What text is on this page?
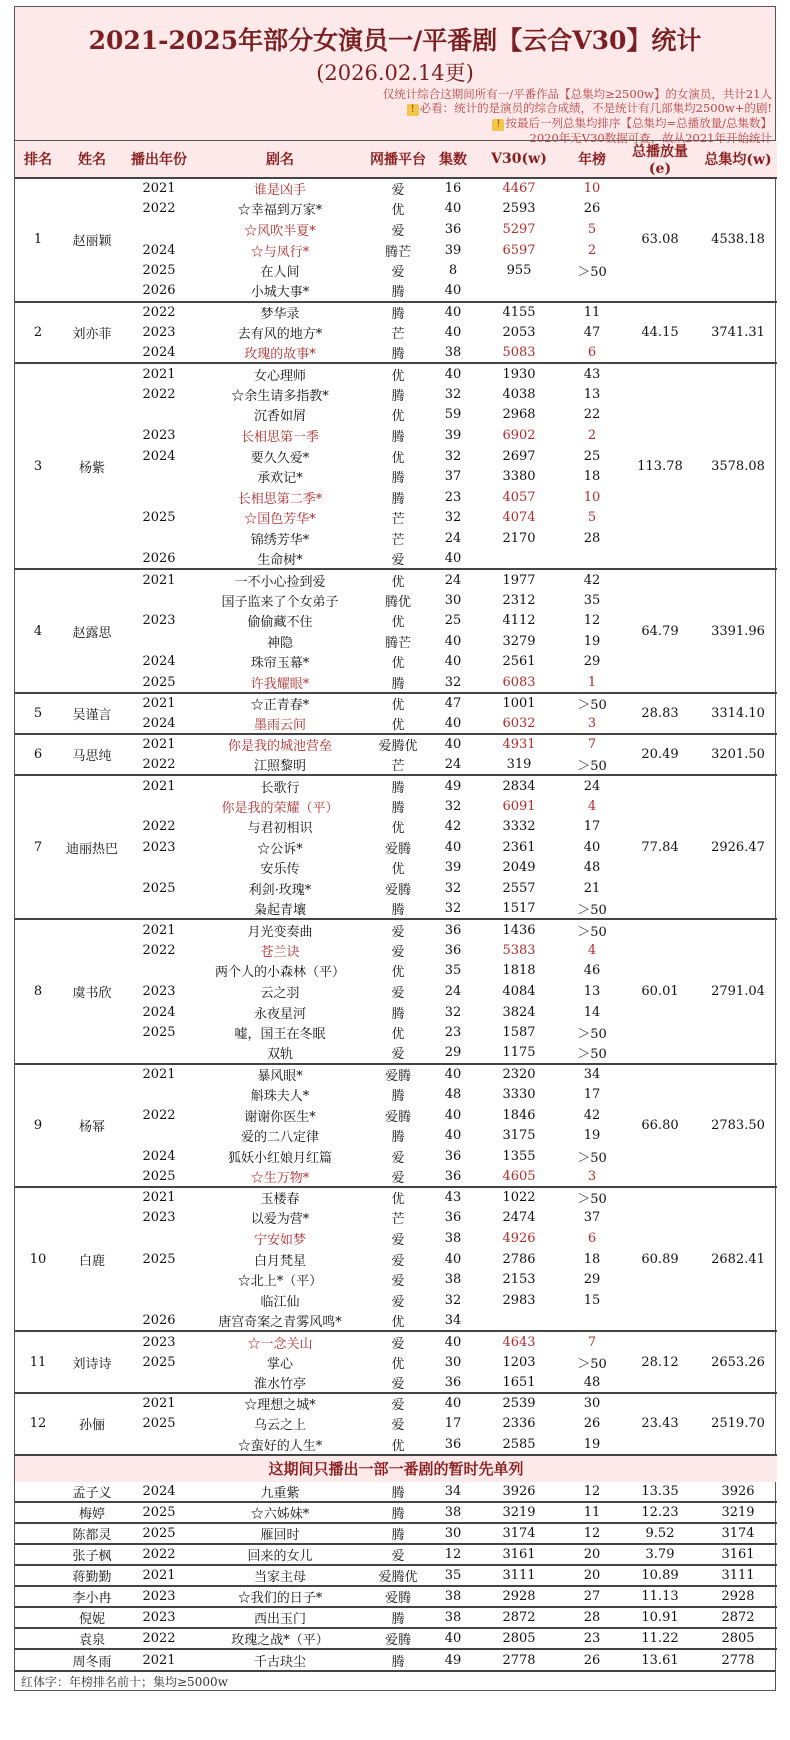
2021-2025年部分女演员一/平番剧【云合V30】统计
(2026.02.14更)
仅统计综合这期间所有一/平番作品【总集均≥2500w】的女演员，共计21人
! 必看：统计的是演员的综合成绩，不是统计有几部集均2500w+的剧!
! 按最后一列总集均排序【总集均=总播放量/总集数】
2020年无V30数据可查，故从2021年开始统计
排名	姓名	播出年份	剧名	网播平台	集数	V30(w)	年榜	总播放量(e)	总集均(w)
1	赵丽颖	2021	谁是凶手	爱	16	4467	10	63.08	4538.18
		2022	☆幸福到万家*	优	40	2593	26		
			☆风吹半夏*	爱	36	5297	5		
		2024	☆与凤行*	腾芒	39	6597	2		
		2025	在人间	爱	8	955	＞50		
		2026	小城大事*	腾	40				
2	刘亦菲	2022	梦华录	腾	40	4155	11	44.15	3741.31
		2023	去有风的地方*	芒	40	2053	47		
		2024	玫瑰的故事*	腾	38	5083	6		
3	杨紫	2021	女心理师	优	40	1930	43	113.78	3578.08
		2022	☆余生请多指教*	腾	32	4038	13		
			沉香如屑	优	59	2968	22		
		2023	长相思第一季	腾	39	6902	2		
		2024	要久久爱*	优	32	2697	25		
			承欢记*	腾	37	3380	18		
			长相思第二季*	腾	23	4057	10		
		2025	☆国色芳华*	芒	32	4074	5		
			锦绣芳华*	芒	24	2170	28		
		2026	生命树*	爱	40				
4	赵露思	2021	一不小心捡到爱	优	24	1977	42	64.79	3391.96
			国子监来了个女弟子	腾优	30	2312	35		
		2023	偷偷藏不住	优	25	4112	12		
			神隐	腾芒	40	3279	19		
		2024	珠帘玉幕*	优	40	2561	29		
		2025	许我耀眼*	腾	32	6083	1		
5	吴谨言	2021	☆正青春*	优	47	1001	＞50	28.83	3314.10
		2024	墨雨云间	优	40	6032	3		
6	马思纯	2021	你是我的城池营垒	爱腾优	40	4931	7	20.49	3201.50
		2022	江照黎明	芒	24	319	＞50		
7	迪丽热巴	2021	长歌行	腾	49	2834	24	77.84	2926.47
			你是我的荣耀（平）	腾	32	6091	4		
		2022	与君初相识	优	42	3332	17		
		2023	☆公诉*	爱腾	40	2361	40		
			安乐传	优	39	2049	48		
		2025	利剑·玫瑰*	爱腾	32	2557	21		
			枭起青壤	腾	32	1517	＞50		
8	虞书欣	2021	月光变奏曲	爱	36	1436	＞50	60.01	2791.04
		2022	苍兰诀	爱	36	5383	4		
			两个人的小森林（平）	优	35	1818	46		
		2023	云之羽	爱	24	4084	13		
		2024	永夜星河	腾	32	3824	14		
		2025	嘘，国王在冬眠	优	23	1587	＞50		
			双轨	爱	29	1175	＞50		
9	杨幂	2021	暴风眼*	爱腾	40	2320	34	66.80	2783.50
			斛珠夫人*	腾	48	3330	17		
		2022	谢谢你医生*	爱腾	40	1846	42		
			爱的二八定律	腾	40	3175	19		
		2024	狐妖小红娘月红篇	爱	36	1355	＞50		
		2025	☆生万物*	爱	36	4605	3		
10	白鹿	2021	玉楼春	优	43	1022	＞50	60.89	2682.41
		2023	以爱为营*	芒	36	2474	37		
			宁安如梦	爱	38	4926	6		
		2025	白月梵星	爱	40	2786	18		
			☆北上*（平）	爱	38	2153	29		
			临江仙	爱	32	2983	15		
		2026	唐宫奇案之青雾风鸣*	优	34				
11	刘诗诗	2023	☆一念关山	爱	40	4643	7	28.12	2653.26
		2025	掌心	优	30	1203	＞50		
			淮水竹亭	爱	36	1651	48		
12	孙俪	2021	☆理想之城*	爱	40	2539	30	23.43	2519.70
		2025	乌云之上	爱	17	2336	26		
			☆蛮好的人生*	优	36	2585	19		
这期间只播出一部一番剧的暂时先单列									
	孟子义	2024	九重紫	腾	34	3926	12	13.35	3926
	梅婷	2025	☆六姊妹*	腾	38	3219	11	12.23	3219
	陈都灵	2025	雁回时	腾	30	3174	12	9.52	3174
	张子枫	2022	回来的女儿	爱	12	3161	20	3.79	3161
	蒋勤勤	2021	当家主母	爱腾优	35	3111	20	10.89	3111
	李小冉	2023	☆我们的日子*	爱腾	38	2928	27	11.13	2928
	倪妮	2023	西出玉门	腾	38	2872	28	10.91	2872
	袁泉	2022	玫瑰之战*（平）	爱腾	40	2805	23	11.22	2805
	周冬雨	2021	千古玦尘	腾	49	2778	26	13.61	2778
红体字：年榜排名前十；集均≥5000w
